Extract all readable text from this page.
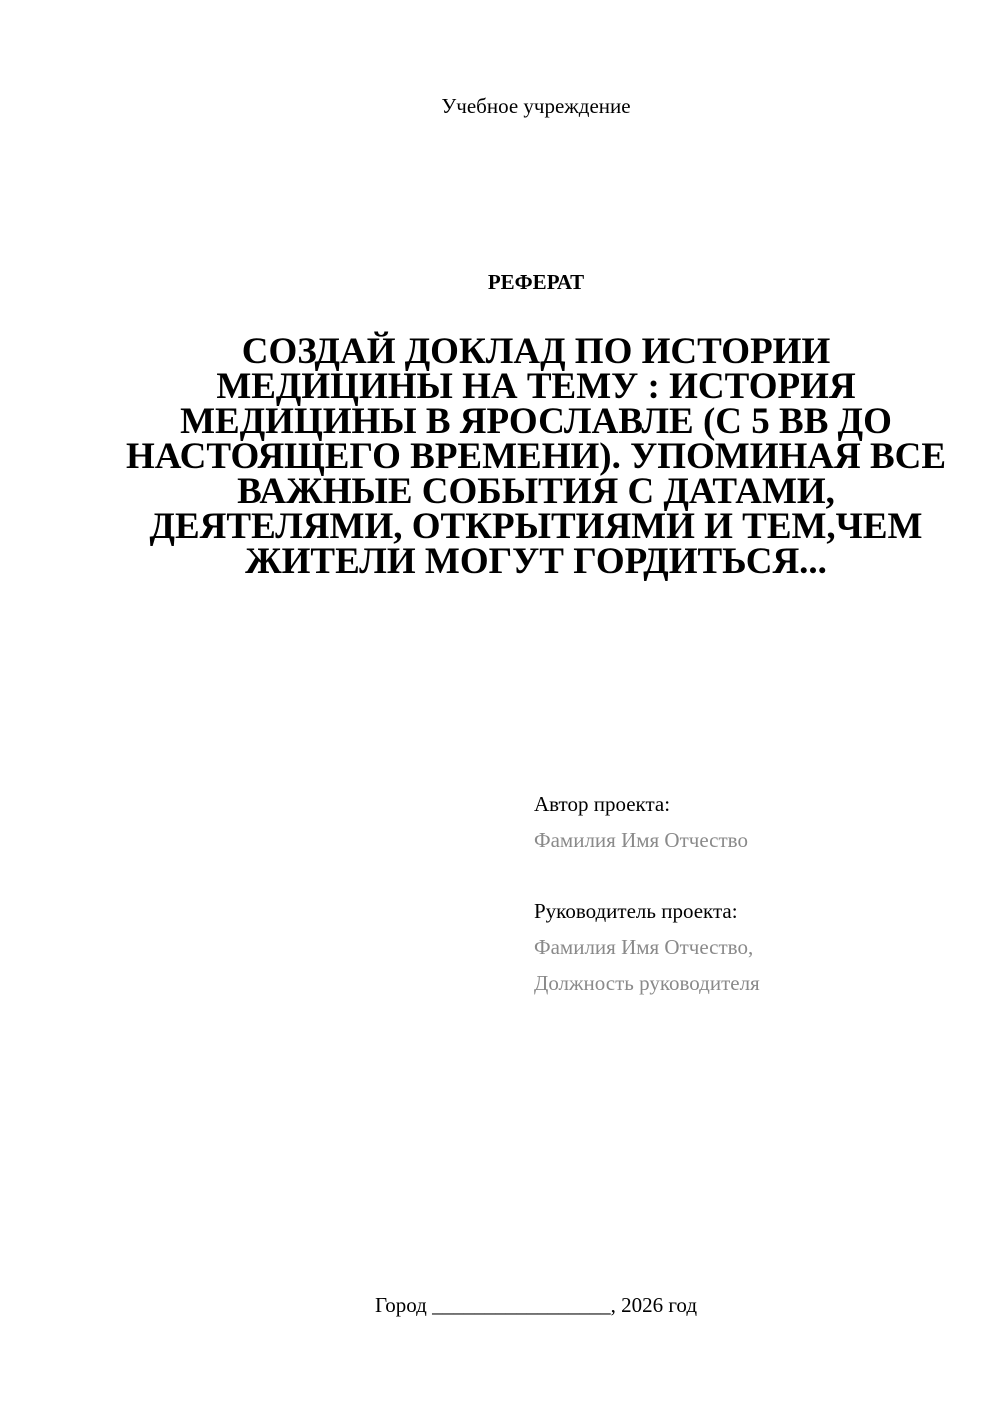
Учебное учреждение
РЕФЕРАТ
СОЗДАЙ ДОКЛАД ПО ИСТОРИИ МЕДИЦИНЫ НА ТЕМУ : ИСТОРИЯ МЕДИЦИНЫ В ЯРОСЛАВЛЕ (С 5 ВВ ДО НАСТОЯЩЕГО ВРЕМЕНИ). УПОМИНАЯ ВСЕ ВАЖНЫЕ СОБЫТИЯ С ДАТАМИ, ДЕЯТЕЛЯМИ, ОТКРЫТИЯМИ И ТЕМ,ЧЕМ ЖИТЕЛИ МОГУТ ГОРДИТЬСЯ...
Автор проекта:
Фамилия Имя Отчество
Руководитель проекта:
Фамилия Имя Отчество,
Должность руководителя
Город _________________, 2026 год
